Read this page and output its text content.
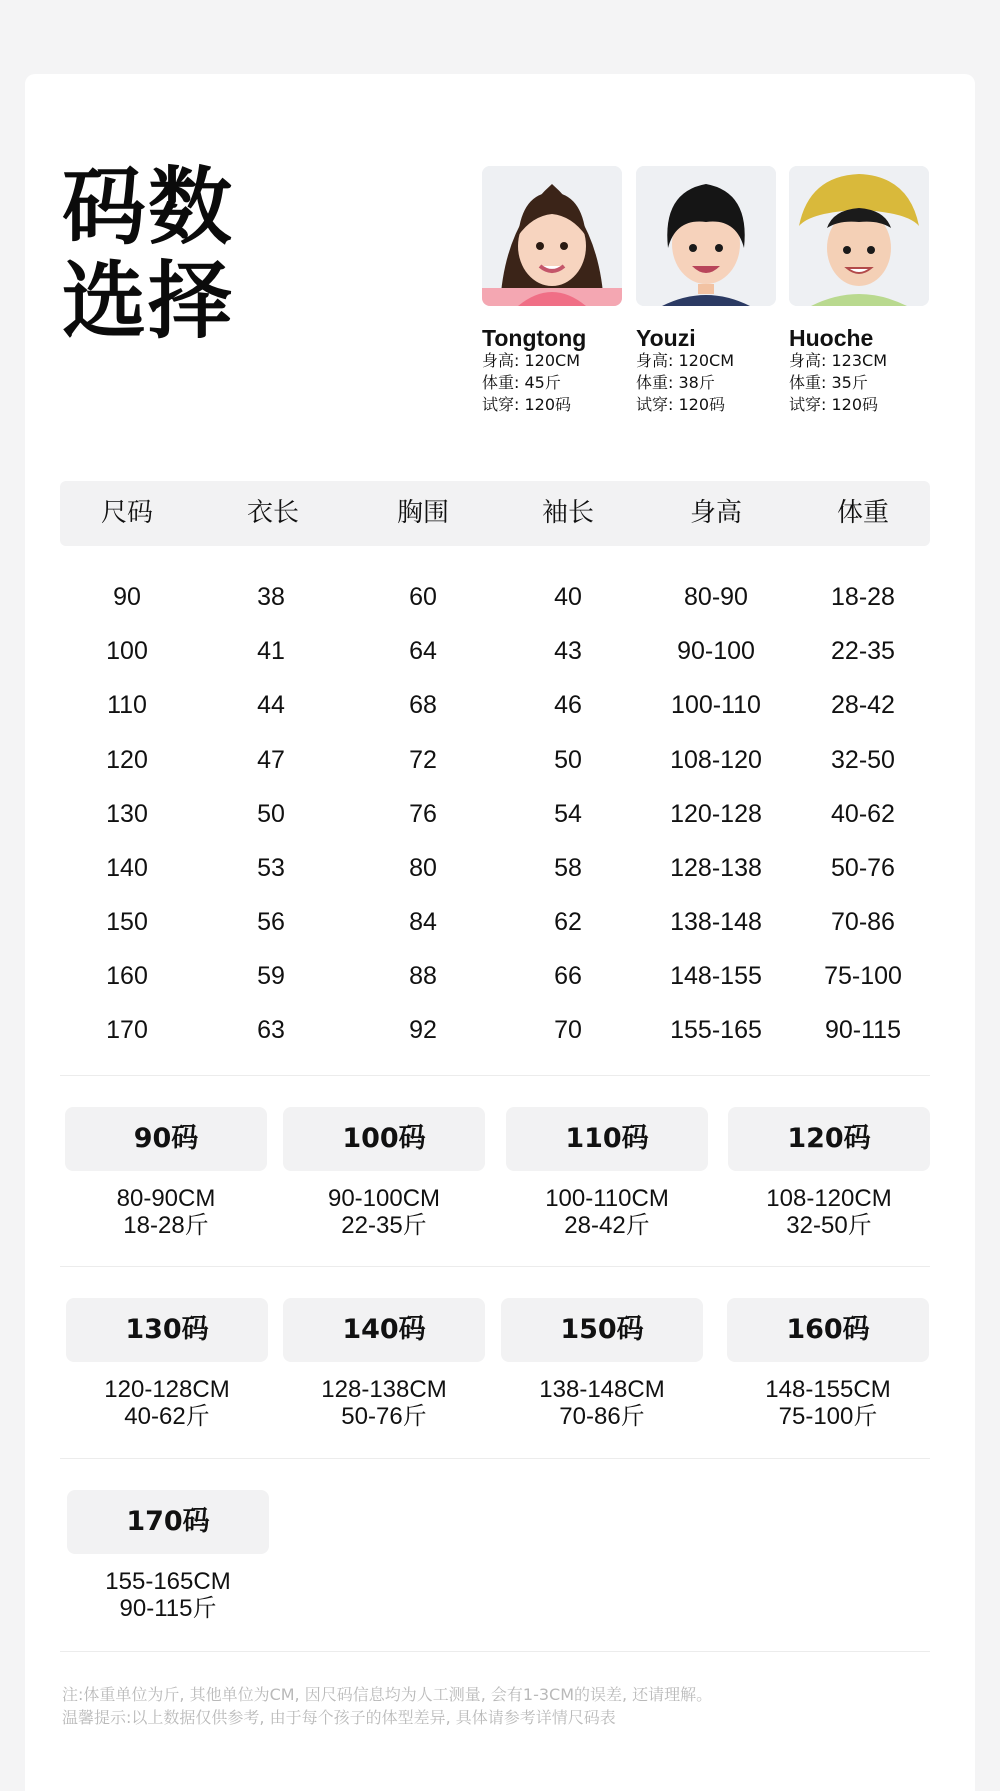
码数
选择	Tongtong
身高: 120CM
体重: 45斤
试穿: 120码
Youzi
身高: 120CM
体重: 38斤
试穿: 120码
Huoche
身高: 123CM
体重: 35斤
试穿: 120码
尺码	衣长	胸围	袖长	身高	体重
90	38	60	40	80-90	18-28
100	41	64	43	90-100	22-35
110	44	68	46	100-110	28-42
120	47	72	50	108-120	32-50
130	50	76	54	120-128	40-62
140	53	80	58	128-138	50-76
150	56	84	62	138-148	70-86
160	59	88	66	148-155	75-100
170	63	92	70	155-165	90-115
90码
80-90CM
18-28斤
100码
90-100CM
22-35斤
110码
100-110CM
28-42斤
120码
108-120CM
32-50斤
130码
120-128CM
40-62斤
140码
128-138CM
50-76斤
150码
138-148CM
70-86斤
160码
148-155CM
75-100斤
170码
155-165CM
90-115斤
注:体重单位为斤, 其他单位为CM, 因尺码信息均为人工测量, 会有1-3CM的误差, 还请理解。
温馨提示:以上数据仅供参考, 由于每个孩子的体型差异, 具体请参考详情尺码表
